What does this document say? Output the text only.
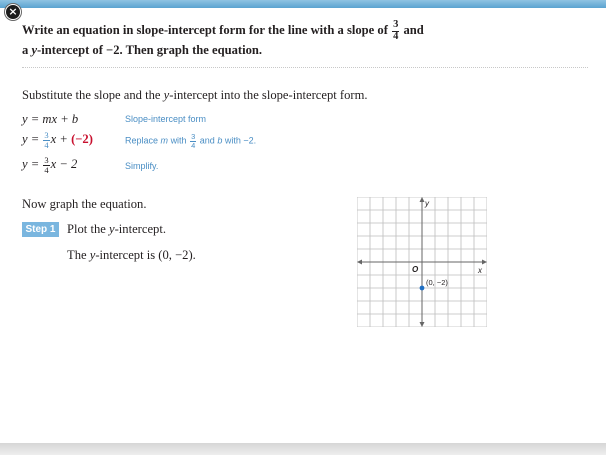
×
Write an equation in slope-intercept form for the line with a slope of $\frac{3}{4}$ and
a y-intercept of −2. Then graph the equation.
Substitute the slope and the y-intercept into the slope-intercept form.
y = mx + b	Slope-intercept form
$y = \frac{3}{4}$ x + (−2)	Replace m with $\frac{3}{4}$ and b with −2.
$y = \frac{3}{4}$ x − 2	Simplify.
Now graph the equation.
Step 1 Plot the y-intercept.
The y-intercept is (0, −2).
O	x
y
(0, −2)
